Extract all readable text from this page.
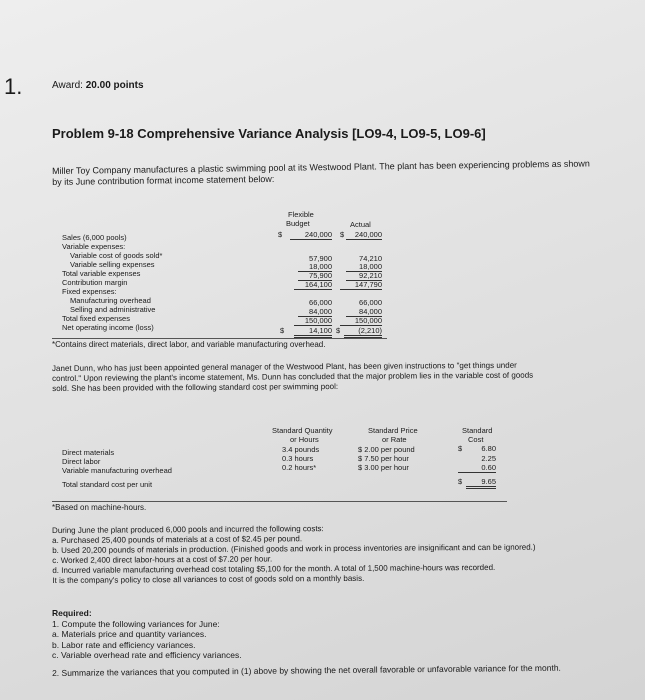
1.	Award: 20.00 points
Problem 9-18 Comprehensive Variance Analysis [LO9-4, LO9-5, LO9-6]
Miller Toy Company manufactures a plastic swimming pool at its Westwood Plant. The plant has been experiencing problems as shown
by its June contribution format income statement below:
Flexible
Budget	Actual
Sales (6,000 pools)	$	240,000 $	240,000
Variable expenses:
Variable cost of goods sold*	57,900	74,210
Variable selling expenses	18,000	18,000
Total variable expenses	75,900	92,210
Contribution margin	164,100	147,790
Fixed expenses:
Manufacturing overhead	66,000	66,000
Selling and administrative	84,000	84,000
Total fixed expenses	150,000	150,000
Net operating income (loss)	$	14,100 $	(2,210)
*Contains direct materials, direct labor, and variable manufacturing overhead.
Janet Dunn, who has just been appointed general manager of the Westwood Plant, has been given instructions to "get things under
control." Upon reviewing the plant's income statement, Ms. Dunn has concluded that the major problem lies in the variable cost of goods
sold. She has been provided with the following standard cost per swimming pool:
Standard Quantity
or Hours
Standard Price
or Rate
Standard
Cost
Direct materials	3.4 pounds	$ 2.00 per pound	$	6.80
Direct labor	0.3 hours	$ 7.50 per hour	2.25
Variable manufacturing overhead	0.2 hours*	$ 3.00 per hour	0.60
Total standard cost per unit	$	9.65
*Based on machine-hours.
During June the plant produced 6,000 pools and incurred the following costs:
a. Purchased 25,400 pounds of materials at a cost of $2.45 per pound.
b. Used 20,200 pounds of materials in production. (Finished goods and work in process inventories are insignificant and can be ignored.)
c. Worked 2,400 direct labor-hours at a cost of $7.20 per hour.
d. Incurred variable manufacturing overhead cost totaling $5,100 for the month. A total of 1,500 machine-hours was recorded.
It is the company's policy to close all variances to cost of goods sold on a monthly basis.
Required:
1. Compute the following variances for June:
a. Materials price and quantity variances.
b. Labor rate and efficiency variances.
c. Variable overhead rate and efficiency variances.
2. Summarize the variances that you computed in (1) above by showing the net overall favorable or unfavorable variance for the month.
